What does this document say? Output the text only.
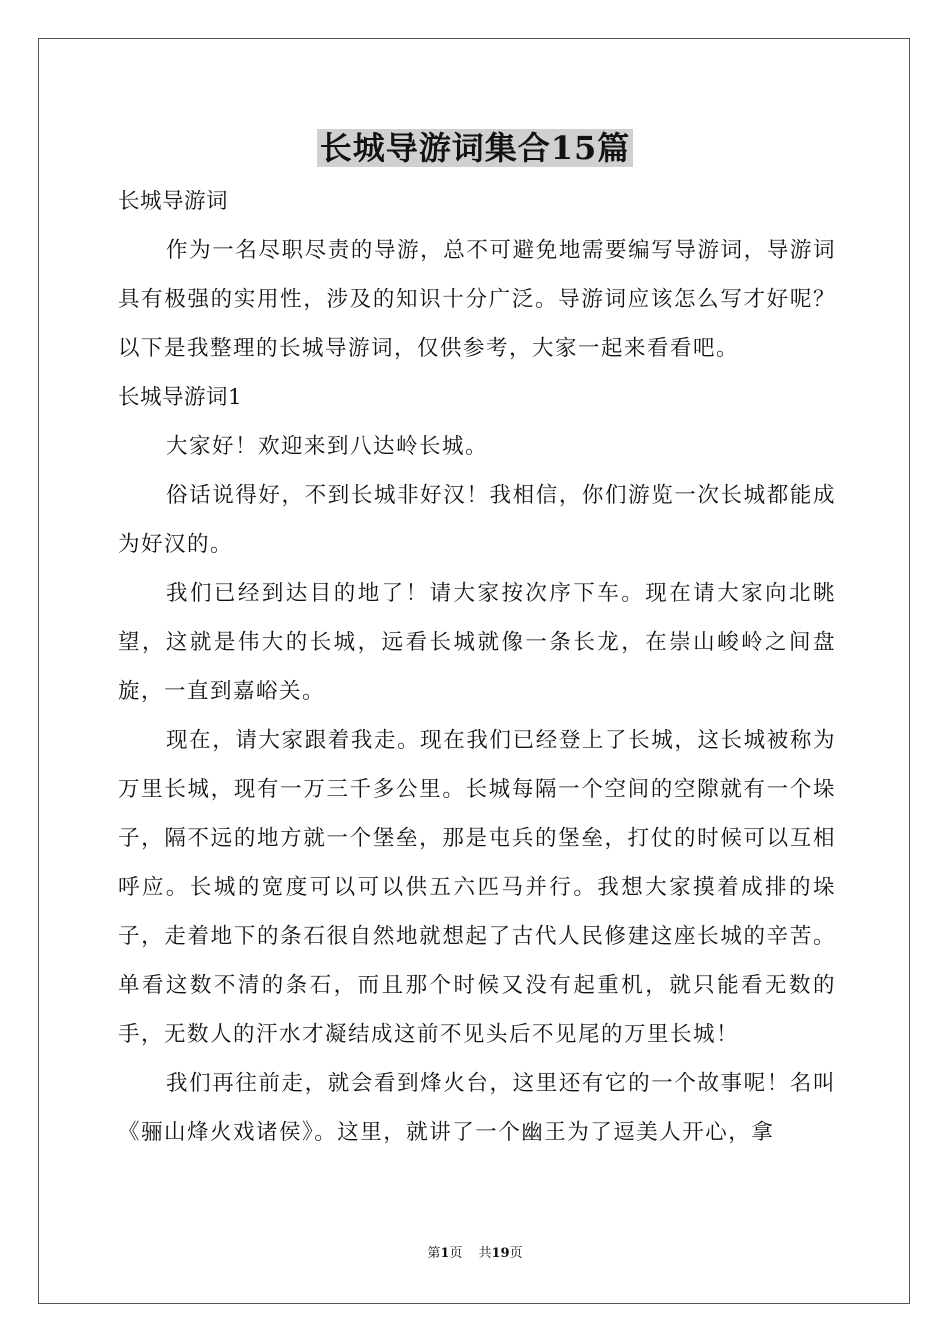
长城导游词集合15篇

长城导游词

作为一名尽职尽责的导游，总不可避免地需要编写导游词，导游词具有极强的实用性，涉及的知识十分广泛。导游词应该怎么写才好呢？以下是我整理的长城导游词，仅供参考，大家一起来看看吧。

长城导游词1

大家好！欢迎来到八达岭长城。

俗话说得好，不到长城非好汉！我相信，你们游览一次长城都能成为好汉的。

我们已经到达目的地了！请大家按次序下车。现在请大家向北眺望，这就是伟大的长城，远看长城就像一条长龙，在崇山峻岭之间盘旋，一直到嘉峪关。

现在，请大家跟着我走。现在我们已经登上了长城，这长城被称为万里长城，现有一万三千多公里。长城每隔一个空间的空隙就有一个垛子，隔不远的地方就一个堡垒，那是屯兵的堡垒，打仗的时候可以互相呼应。长城的宽度可以可以供五六匹马并行。我想大家摸着成排的垛子，走着地下的条石很自然地就想起了古代人民修建这座长城的辛苦。单看这数不清的条石，而且那个时候又没有起重机，就只能看无数的手，无数人的汗水才凝结成这前不见头后不见尾的万里长城！

我们再往前走，就会看到烽火台，这里还有它的一个故事呢！名叫《骊山烽火戏诸侯》。这里，就讲了一个幽王为了逗美人开心，拿

第1页 共19页
